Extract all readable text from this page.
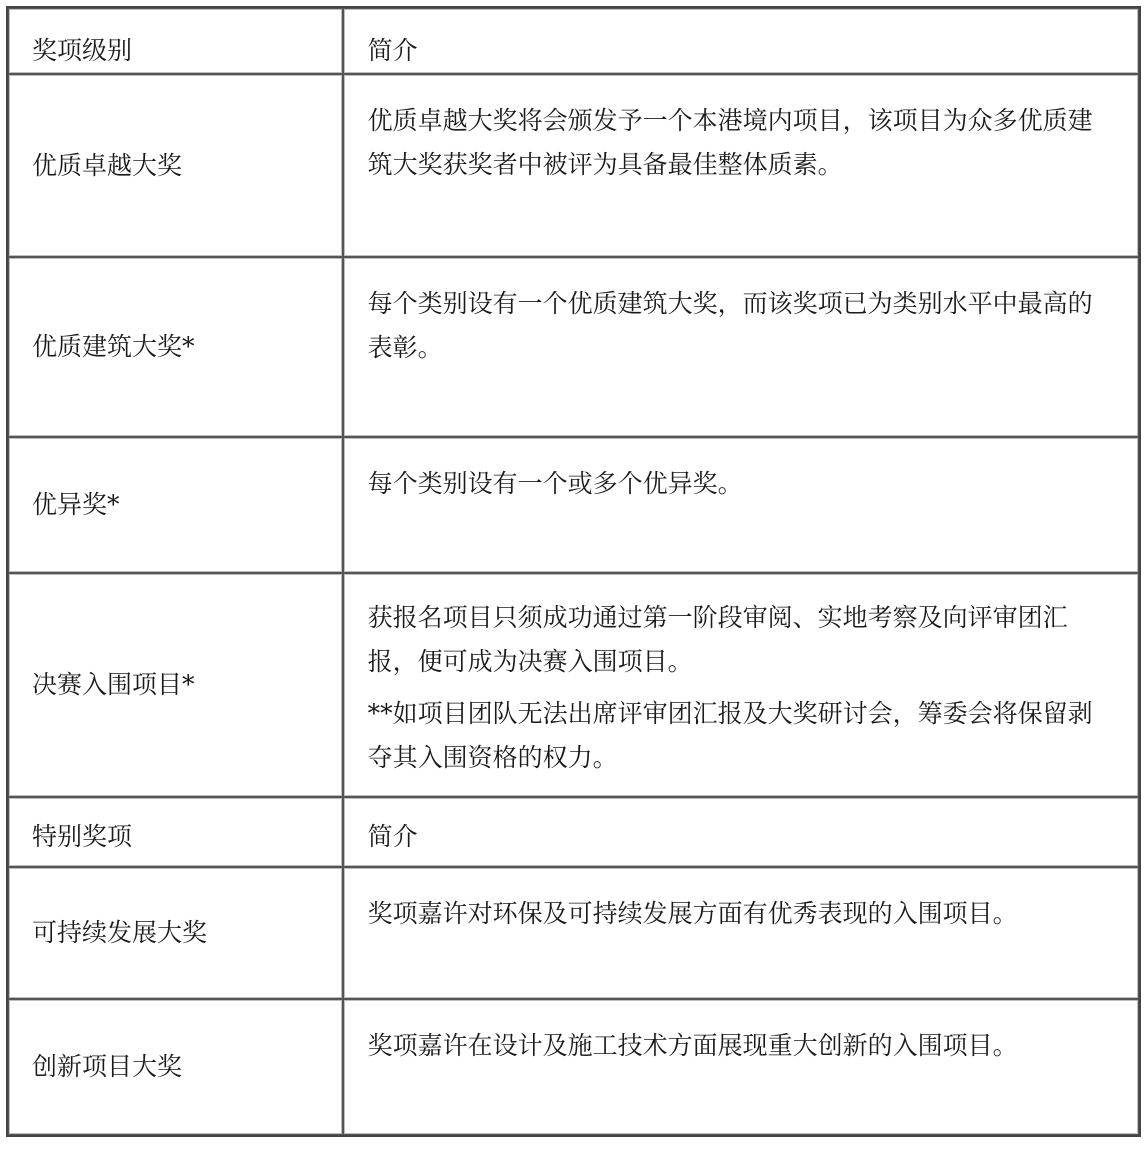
奖项级别	简介
优质卓越大奖	优质卓越大奖将会颁发予一个本港境内项目，该项目为众多优质建筑大奖获奖者中被评为具备最佳整体质素。

优质建筑大奖*	每个类别设有一个优质建筑大奖，而该奖项已为类别水平中最高的表彰。

优异奖*	每个类别设有一个或多个优异奖。

决赛入围项目*	获报名项目只须成功通过第一阶段审阅、实地考察及向评审团汇报，便可成为决赛入围项目。

**如项目团队无法出席评审团汇报及大奖研讨会，筹委会将保留剥夺其入围资格的权力。

特别奖项	简介
可持续发展大奖	奖项嘉许对环保及可持续发展方面有优秀表现的入围项目。

创新项目大奖	奖项嘉许在设计及施工技术方面展现重大创新的入围项目。
